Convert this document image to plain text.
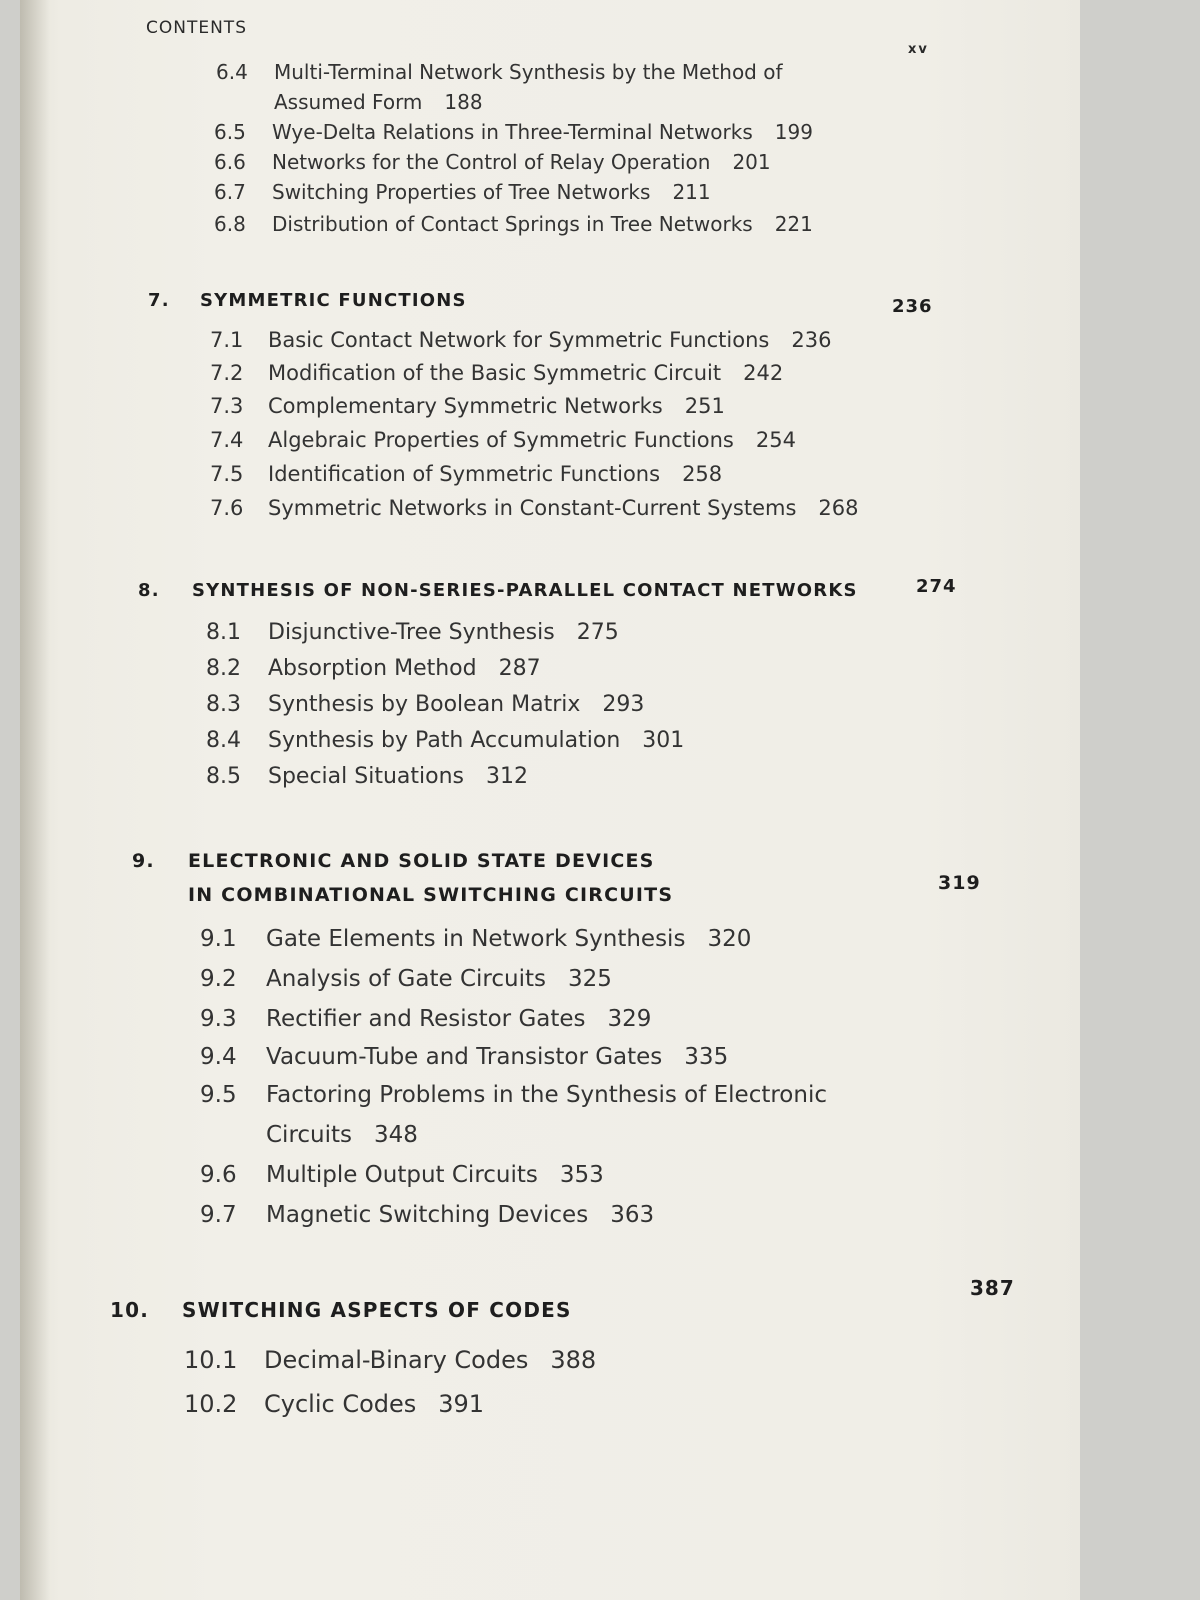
CONTENTS
xv
6.4 Multi-Terminal Network Synthesis by the Method of
Assumed Form 188
6.5 Wye-Delta Relations in Three-Terminal Networks 199
6.6 Networks for the Control of Relay Operation 201
6.7 Switching Properties of Tree Networks 211
6.8 Distribution of Contact Springs in Tree Networks 221
7. SYMMETRIC FUNCTIONS	236
7.1 Basic Contact Network for Symmetric Functions 236
7.2 Modification of the Basic Symmetric Circuit 242
7.3 Complementary Symmetric Networks 251
7.4 Algebraic Properties of Symmetric Functions 254
7.5 Identification of Symmetric Functions 258
7.6 Symmetric Networks in Constant-Current Systems 268
8. SYNTHESIS OF NON-SERIES-PARALLEL CONTACT NETWORKS	274
8.1 Disjunctive-Tree Synthesis 275
8.2 Absorption Method 287
8.3 Synthesis by Boolean Matrix 293
8.4 Synthesis by Path Accumulation 301
8.5 Special Situations 312
9. ELECTRONIC AND SOLID STATE DEVICES
IN COMBINATIONAL SWITCHING CIRCUITS
319
9.1 Gate Elements in Network Synthesis 320
9.2 Analysis of Gate Circuits 325
9.3 Rectifier and Resistor Gates 329
9.4 Vacuum-Tube and Transistor Gates 335
9.5 Factoring Problems in the Synthesis of Electronic
Circuits 348
9.6 Multiple Output Circuits 353
9.7 Magnetic Switching Devices 363
10. SWITCHING ASPECTS OF CODES
387
10.1 Decimal-Binary Codes 388
10.2 Cyclic Codes 391
